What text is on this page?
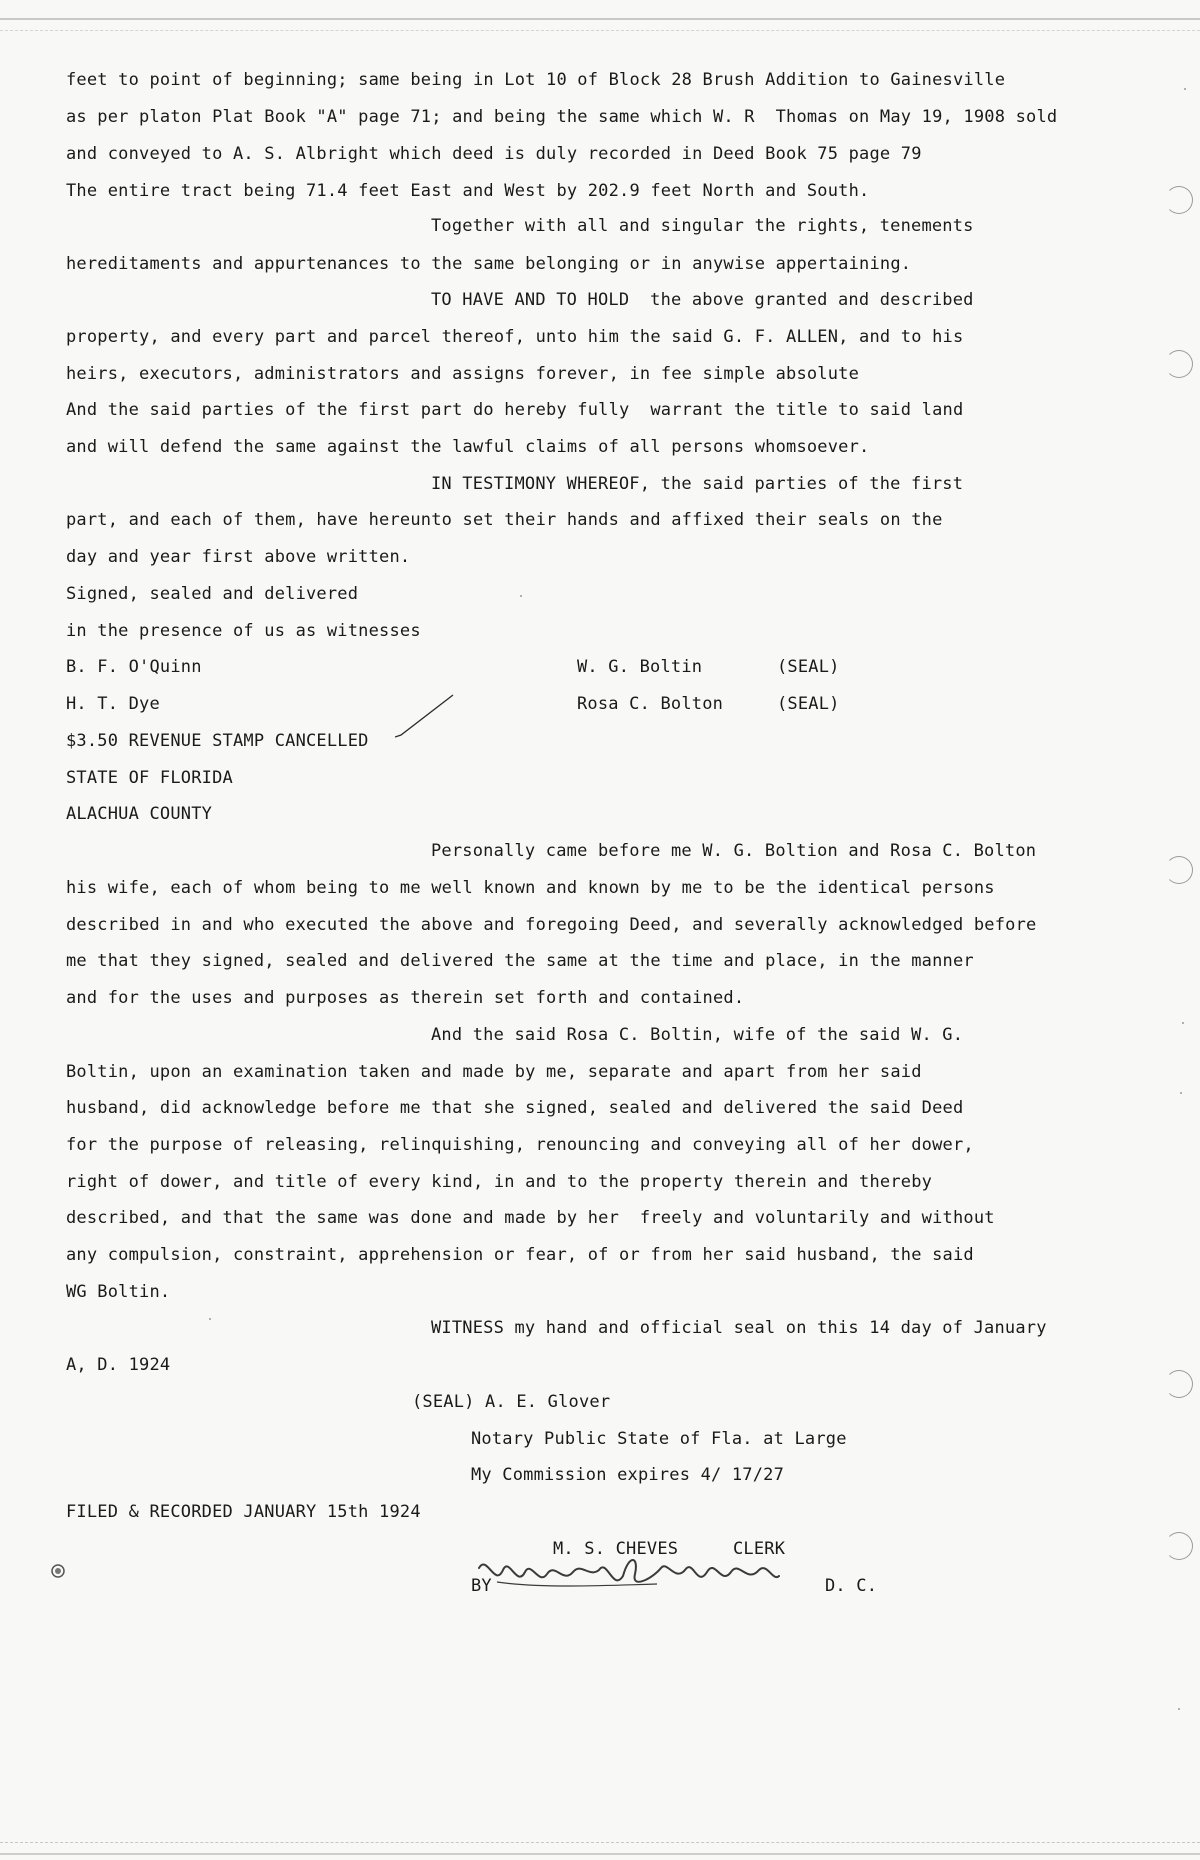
feet to point of beginning; same being in Lot 10 of Block 28 Brush Addition to Gainesville
as per platon Plat Book "A" page 71; and being the same which W. R  Thomas on May 19, 1908 sold
and conveyed to A. S. Albright which deed is duly recorded in Deed Book 75 page 79
The entire tract being 71.4 feet East and West by 202.9 feet North and South.
Together with all and singular the rights, tenements
hereditaments and appurtenances to the same belonging or in anywise appertaining.
TO HAVE AND TO HOLD  the above granted and described
property, and every part and parcel thereof, unto him the said G. F. ALLEN, and to his
heirs, executors, administrators and assigns forever, in fee simple absolute
And the said parties of the first part do hereby fully  warrant the title to said land
and will defend the same against the lawful claims of all persons whomsoever.
IN TESTIMONY WHEREOF, the said parties of the first
part, and each of them, have hereunto set their hands and affixed their seals on the
day and year first above written.
Signed, sealed and delivered
in the presence of us as witnesses
B. F. O'Quinn	W. G. Boltin	(SEAL)
H. T. Dye	Rosa C. Bolton	(SEAL)
$3.50 REVENUE STAMP CANCELLED
STATE OF FLORIDA
ALACHUA COUNTY
Personally came before me W. G. Boltion and Rosa C. Bolton
his wife, each of whom being to me well known and known by me to be the identical persons
described in and who executed the above and foregoing Deed, and severally acknowledged before
me that they signed, sealed and delivered the same at the time and place, in the manner
and for the uses and purposes as therein set forth and contained.
And the said Rosa C. Boltin, wife of the said W. G.
Boltin, upon an examination taken and made by me, separate and apart from her said
husband, did acknowledge before me that she signed, sealed and delivered the said Deed
for the purpose of releasing, relinquishing, renouncing and conveying all of her dower,
right of dower, and title of every kind, in and to the property therein and thereby
described, and that the same was done and made by her  freely and voluntarily and without
any compulsion, constraint, apprehension or fear, of or from her said husband, the said
WG Boltin.
WITNESS my hand and official seal on this 14 day of January
A, D. 1924
(SEAL) A. E. Glover
Notary Public State of Fla. at Large
My Commission expires 4/ 17/27
FILED & RECORDED JANUARY 15th 1924
M. S. CHEVES	CLERK
BY	D. C.
